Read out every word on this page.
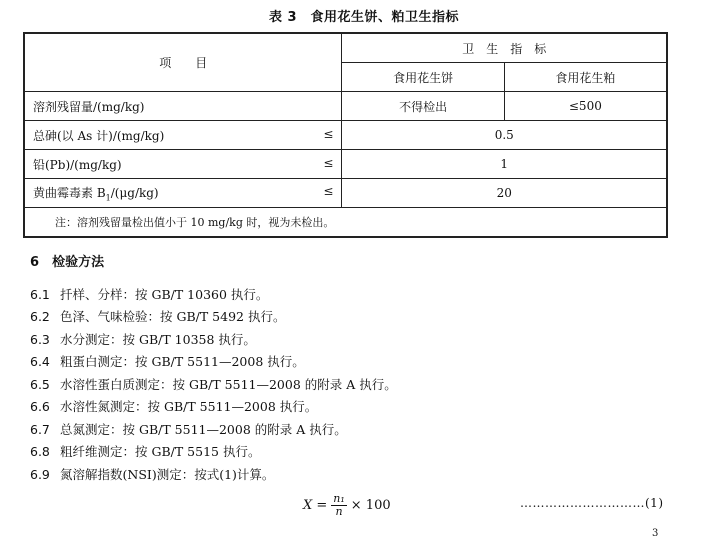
表 3　食用花生饼、粕卫生指标
项　　目	卫　生　指　标	
	食用花生饼	食用花生粕
溶剂残留量/(mg/kg)	不得检出	≤500
总砷(以 As 计)/(mg/kg) ≤	0.5	
铅(Pb)/(mg/kg) ≤	1	
黄曲霉毒素 $B_1/(\mu g/kg)$ ≤	20	
注：溶剂残留量检出值小于 10 mg/kg 时，视为未检出。		
6　 检验方法
6.1 扦样、分样：按 GB/T 10360 执行。
6.2 色泽、气味检验：按 GB/T 5492 执行。
6.3 水分测定：按 GB/T 10358 执行。
6.4 粗蛋白测定：按 GB/T 5511—2008 执行。
6.5 水溶性蛋白质测定：按 GB/T 5511—2008 的附录 A 执行。
6.6 水溶性氮测定：按 GB/T 5511—2008 执行。
6.7 总氮测定：按 GB/T 5511—2008 的附录 A 执行。
6.8 粗纤维测定：按 GB/T 5515 执行。
6.9 氮溶解指数(NSI)测定：按式(1)计算。
$X = \frac{\text{n₁}}{n} \times 100$	…………………………(1)
3
